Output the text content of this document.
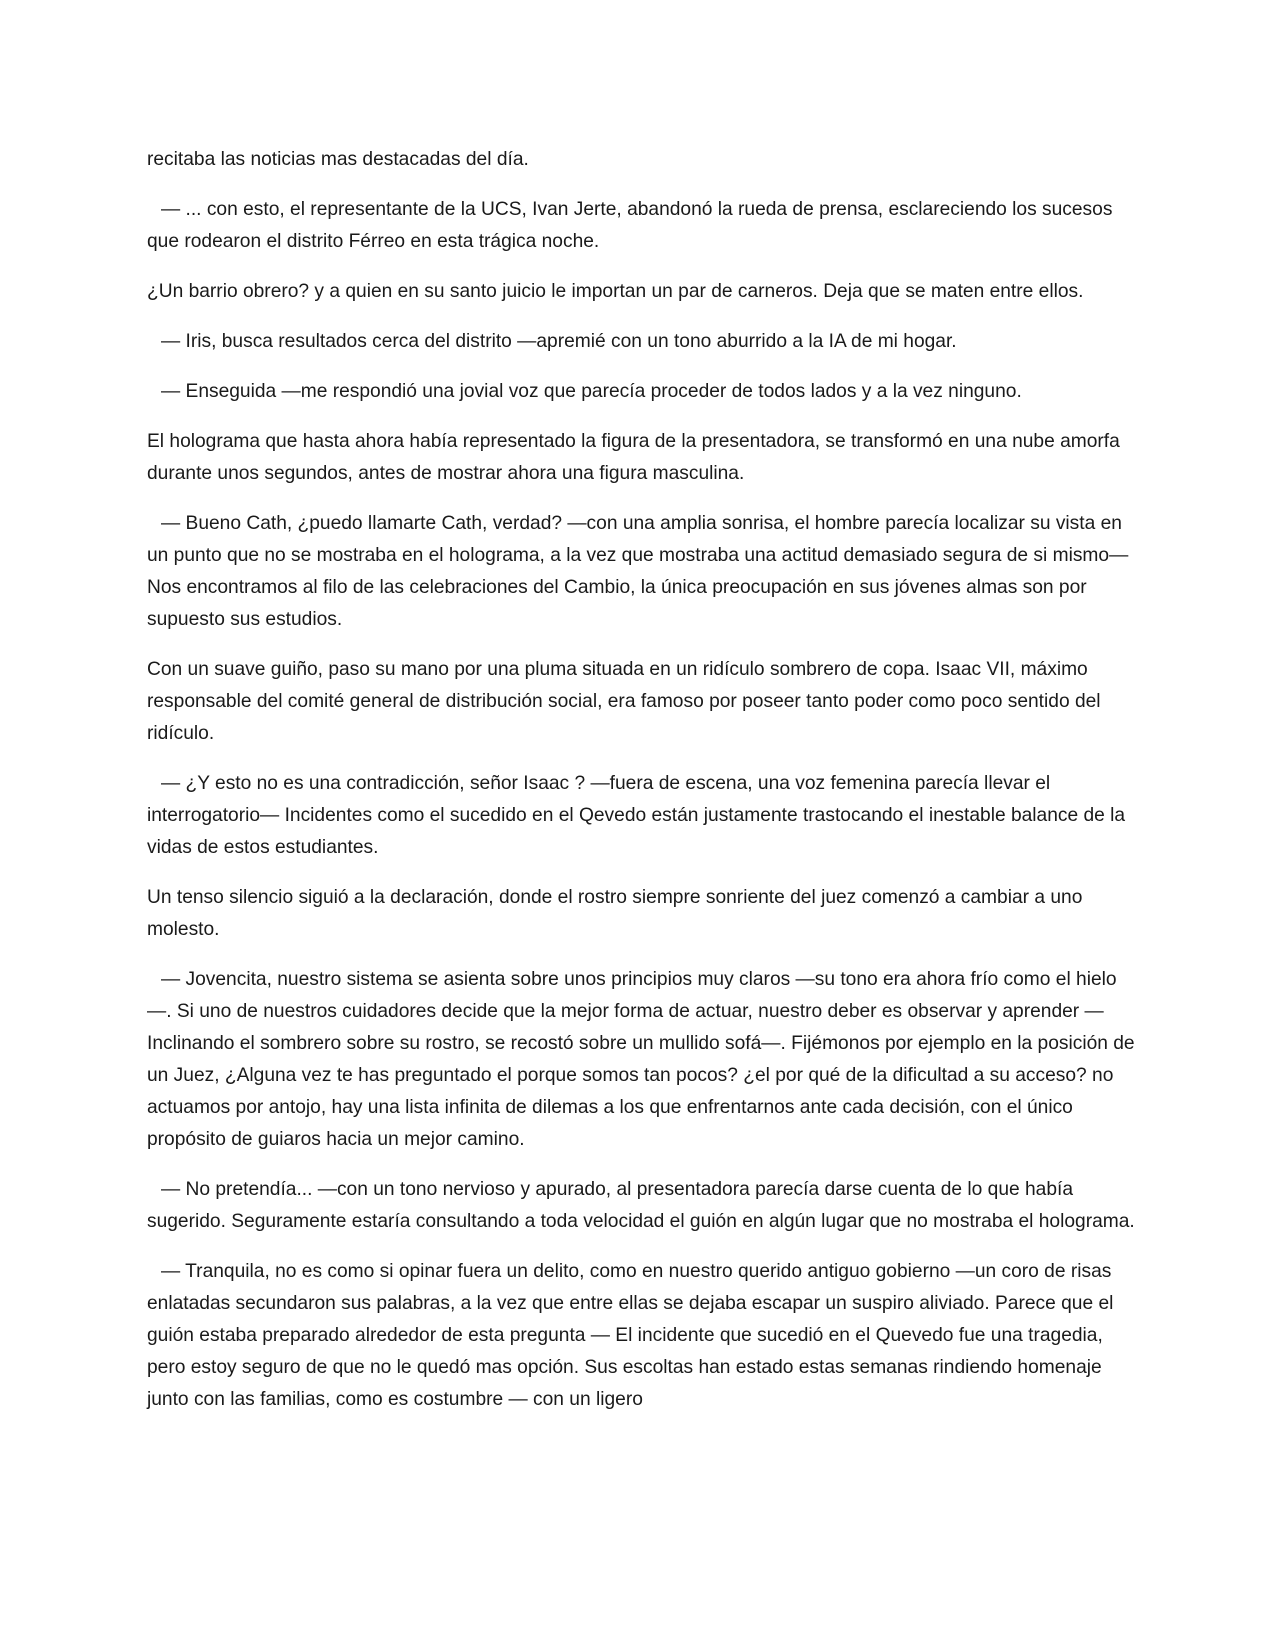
recitaba las noticias mas destacadas del día.

— ... con esto, el representante de la UCS, Ivan Jerte, abandonó la rueda de prensa, esclareciendo los sucesos que rodearon el distrito Férreo en esta trágica noche.

¿Un barrio obrero? y a quien en su santo juicio le importan un par de carneros. Deja que se maten entre ellos.

— Iris, busca resultados cerca del distrito —apremié con un tono aburrido a la IA de mi hogar.

— Enseguida —me respondió una jovial voz que parecía proceder de todos lados y a la vez ninguno.

El holograma que hasta ahora había representado la figura de la presentadora, se transformó en una nube amorfa durante unos segundos, antes de mostrar ahora una figura masculina.

— Bueno Cath, ¿puedo llamarte Cath, verdad? —con una amplia sonrisa, el hombre parecía localizar su vista en un punto que no se mostraba en el holograma, a la vez que mostraba una actitud demasiado segura de si mismo— Nos encontramos al filo de las celebraciones del Cambio, la única preocupación en sus jóvenes almas son por supuesto sus estudios.

Con un suave guiño, paso su mano por una pluma situada en un ridículo sombrero de copa. Isaac VII, máximo responsable del comité general de distribución social, era famoso por poseer tanto poder como poco sentido del ridículo.

— ¿Y esto no es una contradicción, señor Isaac ? —fuera de escena, una voz femenina parecía llevar el interrogatorio— Incidentes como el sucedido en el Qevedo están justamente trastocando el inestable balance de la vidas de estos estudiantes.

Un tenso silencio siguió a la declaración, donde el rostro siempre sonriente del juez comenzó a cambiar a uno molesto.

— Jovencita, nuestro sistema se asienta sobre unos principios muy claros —su tono era ahora frío como el hielo—. Si uno de nuestros cuidadores decide que la mejor forma de actuar, nuestro deber es observar y aprender — Inclinando el sombrero sobre su rostro, se recostó sobre un mullido sofá—. Fijémonos por ejemplo en la posición de un Juez, ¿Alguna vez te has preguntado el porque somos tan pocos? ¿el por qué de la dificultad a su acceso? no actuamos por antojo, hay una lista infinita de dilemas a los que enfrentarnos ante cada decisión, con el único propósito de guiaros hacia un mejor camino.

— No pretendía... —con un tono nervioso y apurado, al presentadora parecía darse cuenta de lo que había sugerido. Seguramente estaría consultando a toda velocidad el guión en algún lugar que no mostraba el holograma.

— Tranquila, no es como si opinar fuera un delito, como en nuestro querido antiguo gobierno —un coro de risas enlatadas secundaron sus palabras, a la vez que entre ellas se dejaba escapar un suspiro aliviado. Parece que el guión estaba preparado alrededor de esta pregunta — El incidente que sucedió en el Quevedo fue una tragedia, pero estoy seguro de que no le quedó mas opción. Sus escoltas han estado estas semanas rindiendo homenaje junto con las familias, como es costumbre — con un ligero
